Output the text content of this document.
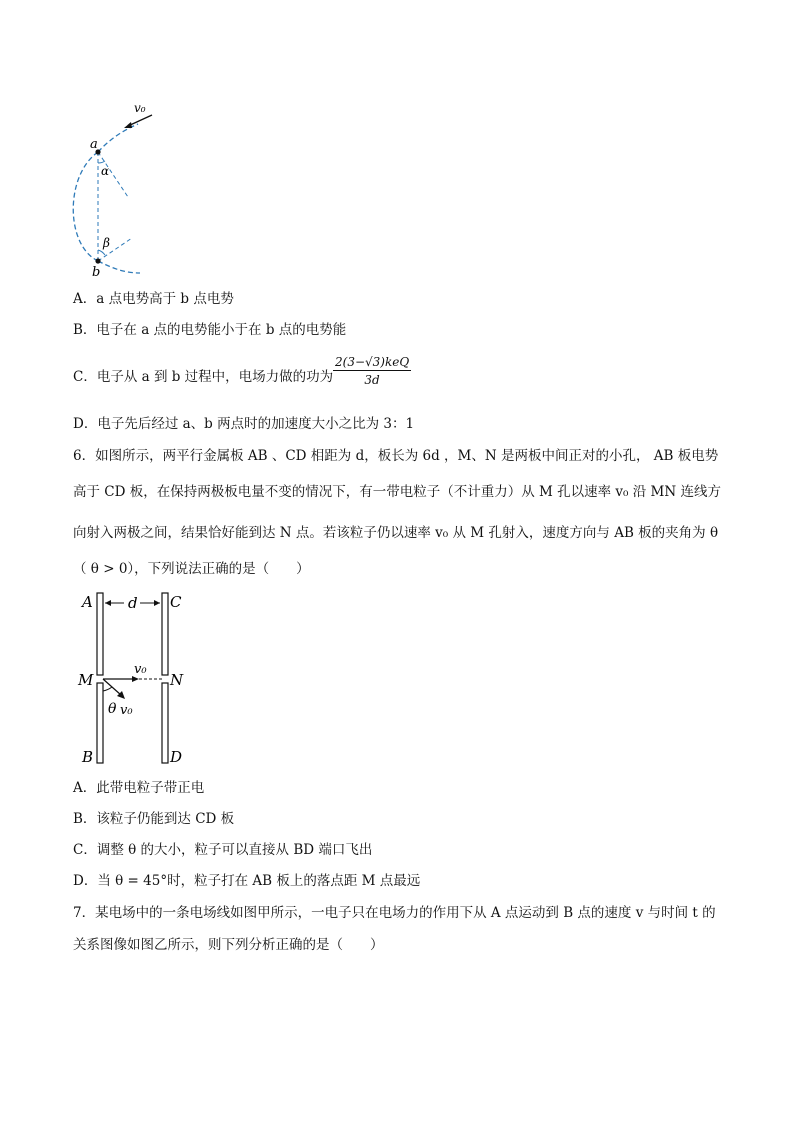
v₀
a
b
α
β
A．a 点电势高于 b 点电势
B．电子在 a 点的电势能小于在 b 点的电势能
C．电子从 a 到 b 过程中，电场力做的功为
2(3−√3)keQ
3d
D．电子先后经过 a、b 两点时的加速度大小之比为 3：1
6．如图所示，两平行金属板 AB 、CD 相距为 d，板长为 6d ，M、N 是两板中间正对的小孔， AB 板电势
高于 CD 板，在保持两极板电量不变的情况下，有一带电粒子（不计重力）从 M 孔以速率 v₀ 沿 MN 连线方
向射入两极之间，结果恰好能到达 N 点。若该粒子仍以速率 v₀ 从 M 孔射入，速度方向与 AB 板的夹角为 θ
（ θ > 0），下列说法正确的是（　　）
A	C
d
M	N
v₀
θ v₀
B	D
A．此带电粒子带正电
B．该粒子仍能到达 CD 板
C．调整 θ 的大小，粒子可以直接从 BD 端口飞出
D．当 θ = 45°时，粒子打在 AB 板上的落点距 M 点最远
7．某电场中的一条电场线如图甲所示，一电子只在电场力的作用下从 A 点运动到 B 点的速度 v 与时间 t 的
关系图像如图乙所示，则下列分析正确的是（　　）
